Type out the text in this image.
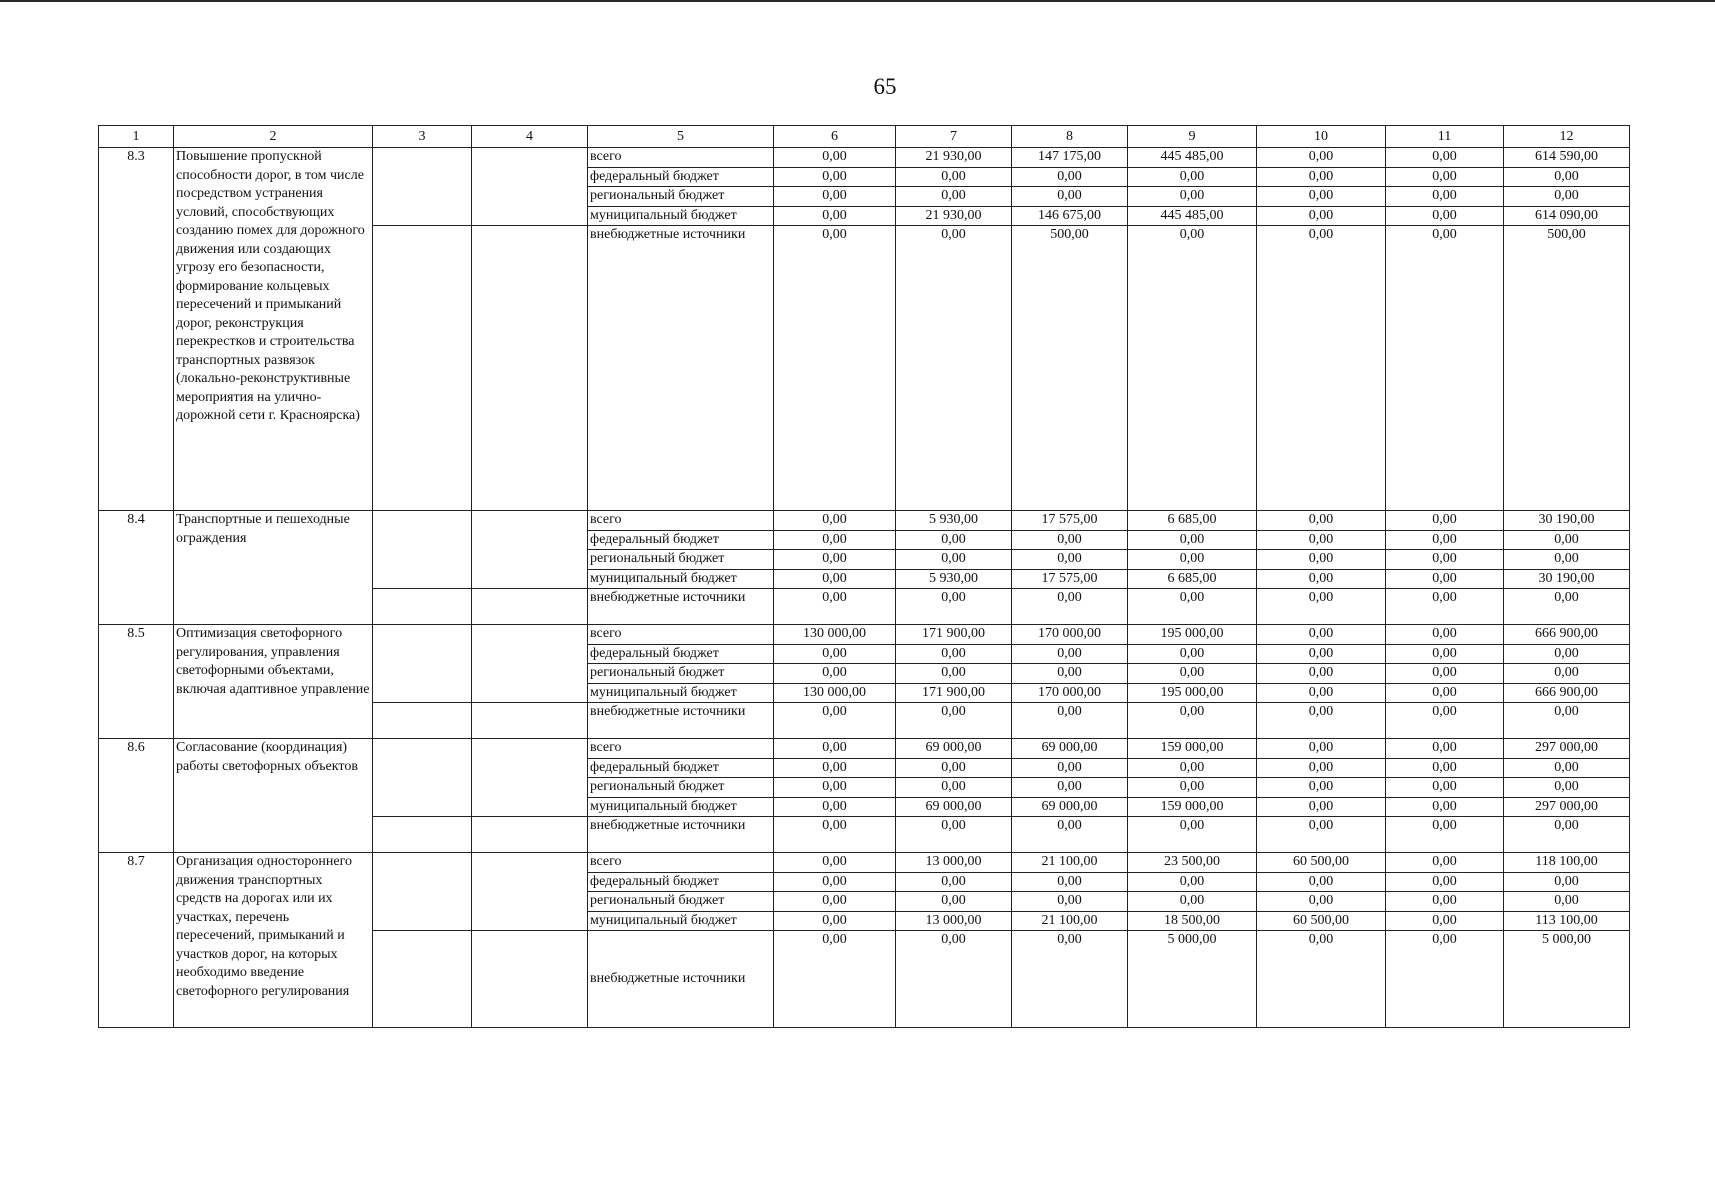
65
1	2	3	4	5	6	7	8	9	10	11	12
8.3	Повышение пропускной способности дорог, в том числе посредством устранения условий, способствующих созданию помех для дорожного движения или создающих угрозу его безопасности, формирование кольцевых пересечений и примыканий дорог, реконструкция перекрестков и строительства транспортных развязок (локально-реконструктивные мероприятия на улично-дорожной сети г. Красноярска)			всего	0,00	21 930,00	147 175,00	445 485,00	0,00	0,00	614 590,00
				федеральный бюджет	0,00	0,00	0,00	0,00	0,00	0,00	0,00
				региональный бюджет	0,00	0,00	0,00	0,00	0,00	0,00	0,00
				муниципальный бюджет	0,00	21 930,00	146 675,00	445 485,00	0,00	0,00	614 090,00
				внебюджетные источники	0,00	0,00	500,00	0,00	0,00	0,00	500,00
8.4	Транспортные и пешеходные ограждения			всего	0,00	5 930,00	17 575,00	6 685,00	0,00	0,00	30 190,00
				федеральный бюджет	0,00	0,00	0,00	0,00	0,00	0,00	0,00
				региональный бюджет	0,00	0,00	0,00	0,00	0,00	0,00	0,00
				муниципальный бюджет	0,00	5 930,00	17 575,00	6 685,00	0,00	0,00	30 190,00
				внебюджетные источники	0,00	0,00	0,00	0,00	0,00	0,00	0,00
8.5	Оптимизация светофорного регулирования, управления светофорными объектами, включая адаптивное управление			всего	130 000,00	171 900,00	170 000,00	195 000,00	0,00	0,00	666 900,00
				федеральный бюджет	0,00	0,00	0,00	0,00	0,00	0,00	0,00
				региональный бюджет	0,00	0,00	0,00	0,00	0,00	0,00	0,00
				муниципальный бюджет	130 000,00	171 900,00	170 000,00	195 000,00	0,00	0,00	666 900,00
				внебюджетные источники	0,00	0,00	0,00	0,00	0,00	0,00	0,00
8.6	Согласование (координация) работы светофорных объектов			всего	0,00	69 000,00	69 000,00	159 000,00	0,00	0,00	297 000,00
				федеральный бюджет	0,00	0,00	0,00	0,00	0,00	0,00	0,00
				региональный бюджет	0,00	0,00	0,00	0,00	0,00	0,00	0,00
				муниципальный бюджет	0,00	69 000,00	69 000,00	159 000,00	0,00	0,00	297 000,00
				внебюджетные источники	0,00	0,00	0,00	0,00	0,00	0,00	0,00
8.7	Организация одностороннего движения транспортных средств на дорогах или их участках, перечень пересечений, примыканий и участков дорог, на которых необходимо введение светофорного регулирования			всего	0,00	13 000,00	21 100,00	23 500,00	60 500,00	0,00	118 100,00
				федеральный бюджет	0,00	0,00	0,00	0,00	0,00	0,00	0,00
				региональный бюджет	0,00	0,00	0,00	0,00	0,00	0,00	0,00
				муниципальный бюджет	0,00	13 000,00	21 100,00	18 500,00	60 500,00	0,00	113 100,00
				внебюджетные источники	0,00	0,00	0,00	5 000,00	0,00	0,00	5 000,00
